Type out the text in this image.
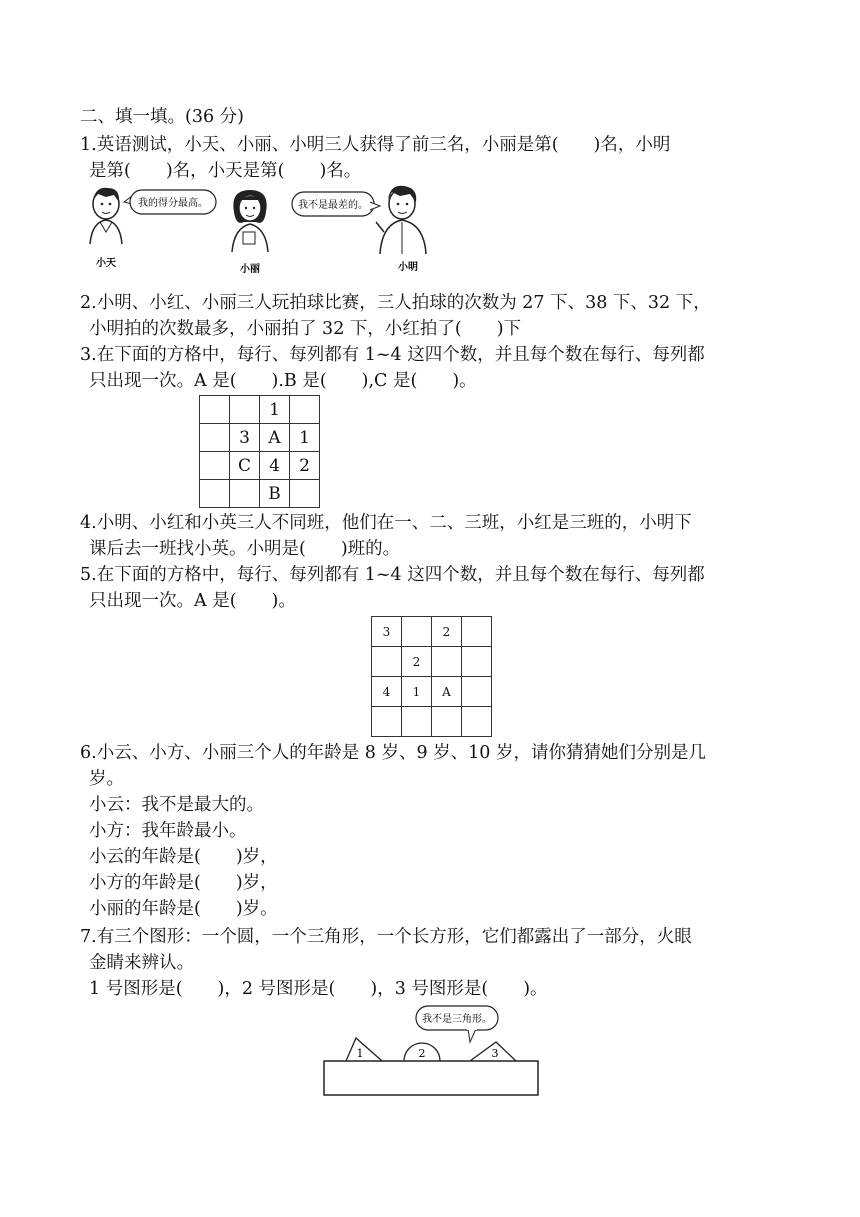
二、填一填。(36 分)
1.英语测试，小天、小丽、小明三人获得了前三名，小丽是第(　　)名，小明
是第(　　)名，小天是第(　　)名。
我的得分最高。
小天
小丽
我不是最差的。
小明
2.小明、小红、小丽三人玩拍球比赛，三人拍球的次数为 27 下、38 下、32 下，
小明拍的次数最多，小丽拍了 32 下，小红拍了(　　)下
3.在下面的方格中，每行、每列都有 1~4 这四个数，并且每个数在每行、每列都
只出现一次。A 是(　　).B 是(　　),C 是(　　)。
		1	
	3	A	1
	C	4	2
		B	
4.小明、小红和小英三人不同班，他们在一、二、三班，小红是三班的，小明下
课后去一班找小英。小明是(　　)班的。
5.在下面的方格中，每行、每列都有 1~4 这四个数，并且每个数在每行、每列都
只出现一次。A 是(　　)。
3		2	
	2		
4	1	A	

6.小云、小方、小丽三个人的年龄是 8 岁、9 岁、10 岁，请你猜猜她们分别是几
岁。
小云：我不是最大的。
小方：我年龄最小。
小云的年龄是(　　)岁，
小方的年龄是(　　)岁，
小丽的年龄是(　　)岁。
7.有三个图形：一个圆，一个三角形，一个长方形，它们都露出了一部分，火眼
金睛来辨认。
1 号图形是(　　)，2 号图形是(　　)，3 号图形是(　　)。
我不是三角形。
1	2	3
